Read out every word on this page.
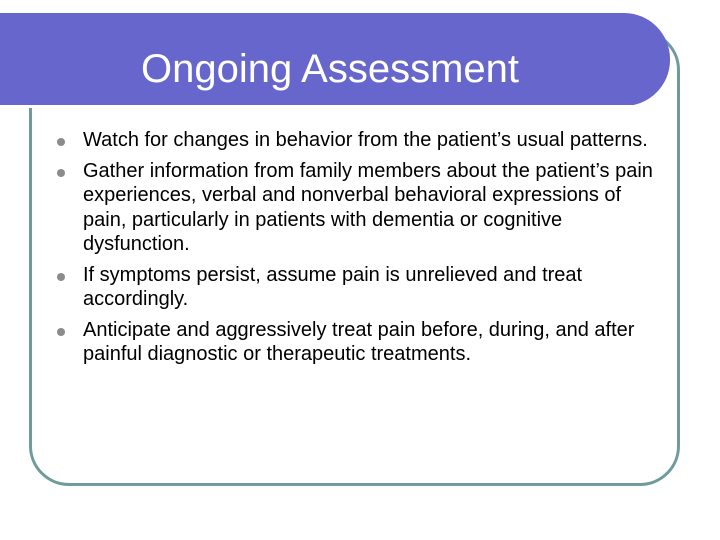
Ongoing Assessment
Watch for changes in behavior from the patient’s usual patterns.
Gather information from family members about the patient’s pain experiences, verbal and nonverbal behavioral expressions of pain, particularly in patients with dementia or cognitive dysfunction.
If symptoms persist, assume pain is unrelieved and treat accordingly.
Anticipate and aggressively treat pain before, during, and after painful diagnostic or therapeutic treatments.
